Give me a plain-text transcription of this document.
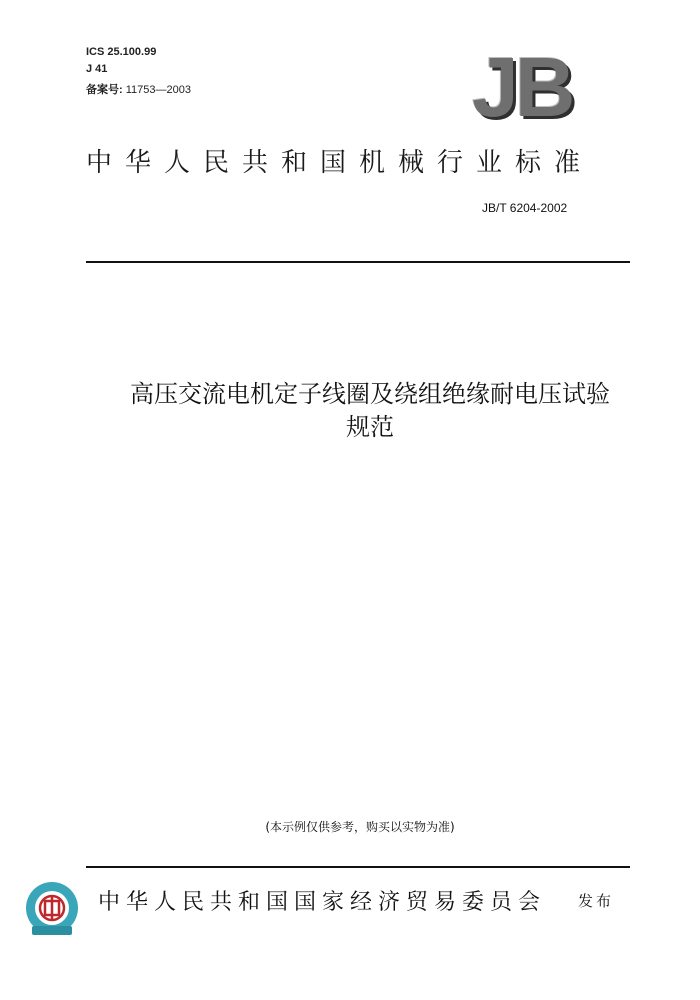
ICS 25.100.99
J 41
备案号: 11753—2003	JB
中华人民共和国机械行业标准
JB/T 6204-2002
高压交流电机定子线圈及绕组绝缘耐电压试验
规范
(本示例仅供参考，购买以实物为准)
中华人民共和国国家经济贸易委员会 发布
